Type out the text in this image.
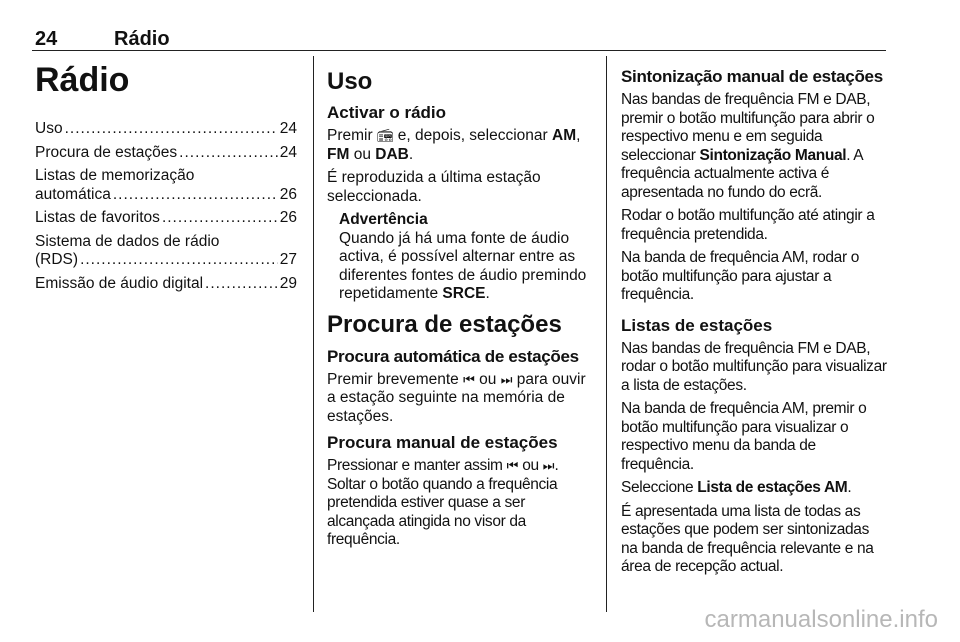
24	Rádio
Rádio
Uso .....	24
Procura de estações .....	24
Listas de memorização
automática .....	26
Listas de favoritos .....	26
Sistema de dados de rádio
(RDS) .....	27
Emissão de áudio digital .....	29
Uso
Activar o rádio

Premir 📻︎ e, depois, seleccionar AM, FM ou DAB.

É reproduzida a última estação seleccionada.

Advertência

Quando já há uma fonte de áudio activa, é possível alternar entre as diferentes fontes de áudio premindo repetidamente SRCE.

Procura de estações
Procura automática de estações

Premir brevemente ⏮ ou ⏭ para ouvir a estação seguinte na memória de estações.

Procura manual de estações

Pressionar e manter assim ⏮ ou ⏭ . Soltar o botão quando a frequência pretendida estiver quase a ser alcançada atingida no visor da frequência.

Sintonização manual de estações

Nas bandas de frequência FM e DAB, premir o botão multifunção para abrir o respectivo menu e em seguida seleccionar Sintonização Manual. A frequência actualmente activa é apresentada no fundo do ecrã.

Rodar o botão multifunção até atingir a frequência pretendida.

Na banda de frequência AM, rodar o botão multifunção para ajustar a frequência.

Listas de estações

Nas bandas de frequência FM e DAB, rodar o botão multifunção para visualizar a lista de estações.

Na banda de frequência AM, premir o botão multifunção para visualizar o respectivo menu da banda de frequência.

Seleccione Lista de estações AM.

É apresentada uma lista de todas as estações que podem ser sintonizadas na banda de frequência relevante e na área de recepção actual.

carmanualsonline.info
